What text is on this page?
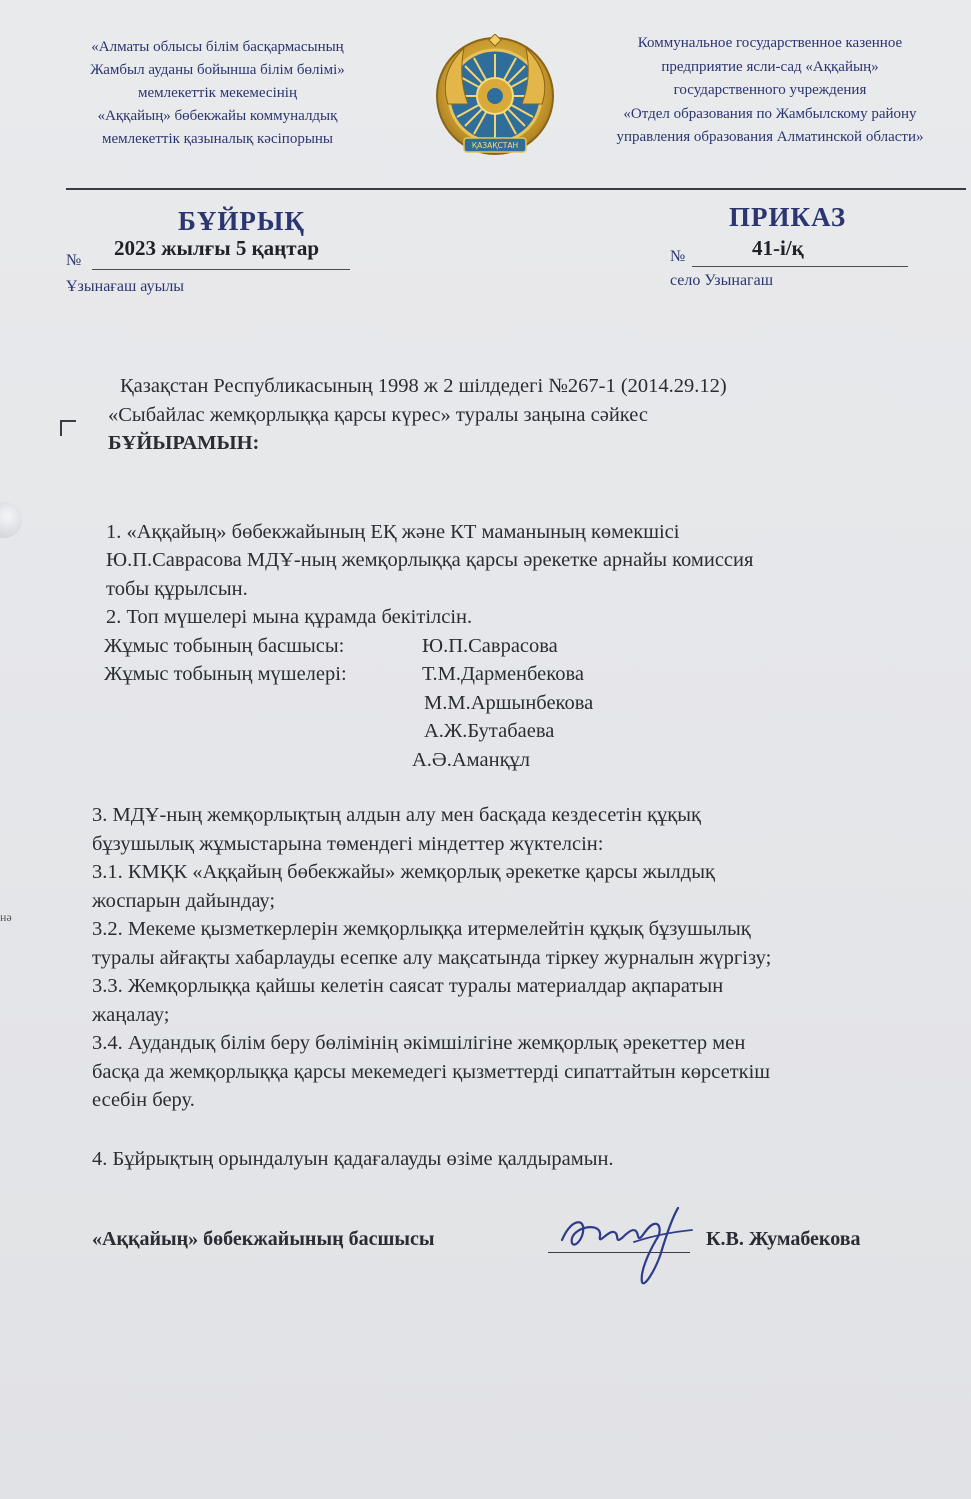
нә
«Алматы облысы білім басқармасының
Жамбыл ауданы бойынша білім бөлімі»
мемлекеттік мекемесінің
«Аққайың» бөбекжайы коммуналдық
мемлекеттік қазыналық кәсіпорыны	ҚАЗАҚСТАН
Коммунальное государственное казенное
предприятие ясли-сад «Аққайың»
государственного учреждения
«Отдел образования по Жамбылскому району
управления образования Алматинской области»
БҰЙРЫҚ	ПРИКАЗ
2023 жылғы 5 қаңтар
№
Ұзынағаш ауылы
41-і/қ
№
село Узынагаш

Қазақстан Республикасының 1998 ж 2 шілдедегі №267-1 (2014.29.12)

«Сыбайлас жемқорлыққа қарсы күрес» туралы заңына сәйкес

БҰЙЫРАМЫН:

1. «Аққайың» бөбекжайының ЕҚ және КТ маманының көмекшісі

Ю.П.Саврасова МДҰ-ның жемқорлыққа қарсы әрекетке арнайы комиссия

тобы құрылсын.

2. Топ мүшелері мына құрамда бекітілсін.

Жұмыс тобының басшысы:	Ю.П.Саврасова
Жұмыс тобының мүшелері:	Т.М.Дарменбекова
М.М.Аршынбекова
А.Ж.Бутабаева
А.Ә.Аманқұл

3. МДҰ-ның жемқорлықтың алдын алу мен басқада кездесетін құқық

бұзушылық жұмыстарына төмендегі міндеттер жүктелсін:

3.1. КМҚК «Аққайың бөбекжайы» жемқорлық әрекетке қарсы жылдық

жоспарын дайындау;

3.2. Мекеме қызметкерлерін жемқорлыққа итермелейтін құқық бұзушылық

туралы айғақты хабарлауды есепке алу мақсатында тіркеу журналын жүргізу;

3.3. Жемқорлыққа қайшы келетін саясат туралы материалдар ақпаратын

жаңалау;

3.4. Аудандық білім беру бөлімінің әкімшілігіне жемқорлық әрекеттер мен

басқа да жемқорлыққа қарсы мекемедегі қызметтерді сипаттайтын көрсеткіш

есебін беру.

4. Бұйрықтың орындалуын қадағалауды өзіме қалдырамын.

«Аққайың» бөбекжайының басшысы	К.В. Жумабекова
